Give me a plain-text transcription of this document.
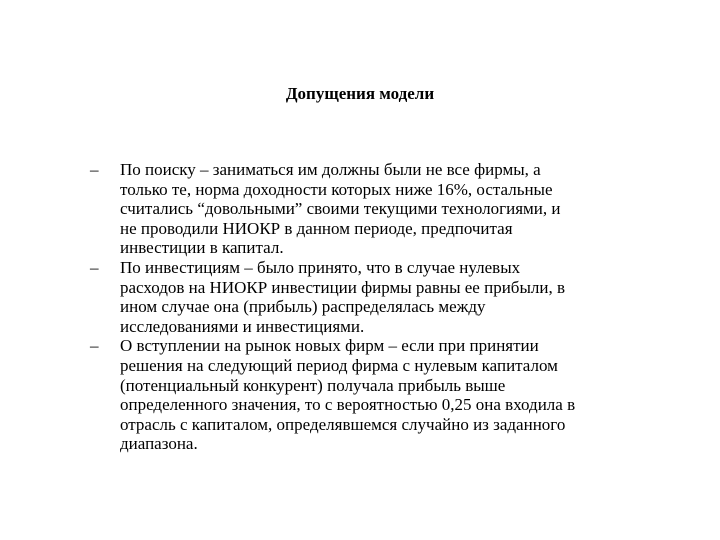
Допущения модели
–	По поиску – заниматься им должны были не все фирмы, а
только те, норма доходности которых ниже 16%, остальные
считались “довольными” своими текущими технологиями, и
не проводили НИОКР в данном периоде, предпочитая
инвестиции в капитал.
–	По инвестициям – было принято, что в случае нулевых
расходов на НИОКР инвестиции фирмы равны ее прибыли, в
ином случае она (прибыль) распределялась между
исследованиями и инвестициями.
–	О вступлении на рынок новых фирм – если при принятии
решения на следующий период фирма с нулевым капиталом
(потенциальный конкурент) получала прибыль выше
определенного значения, то с вероятностью 0,25 она входила в
отрасль с капиталом, определявшемся случайно из заданного
диапазона.
